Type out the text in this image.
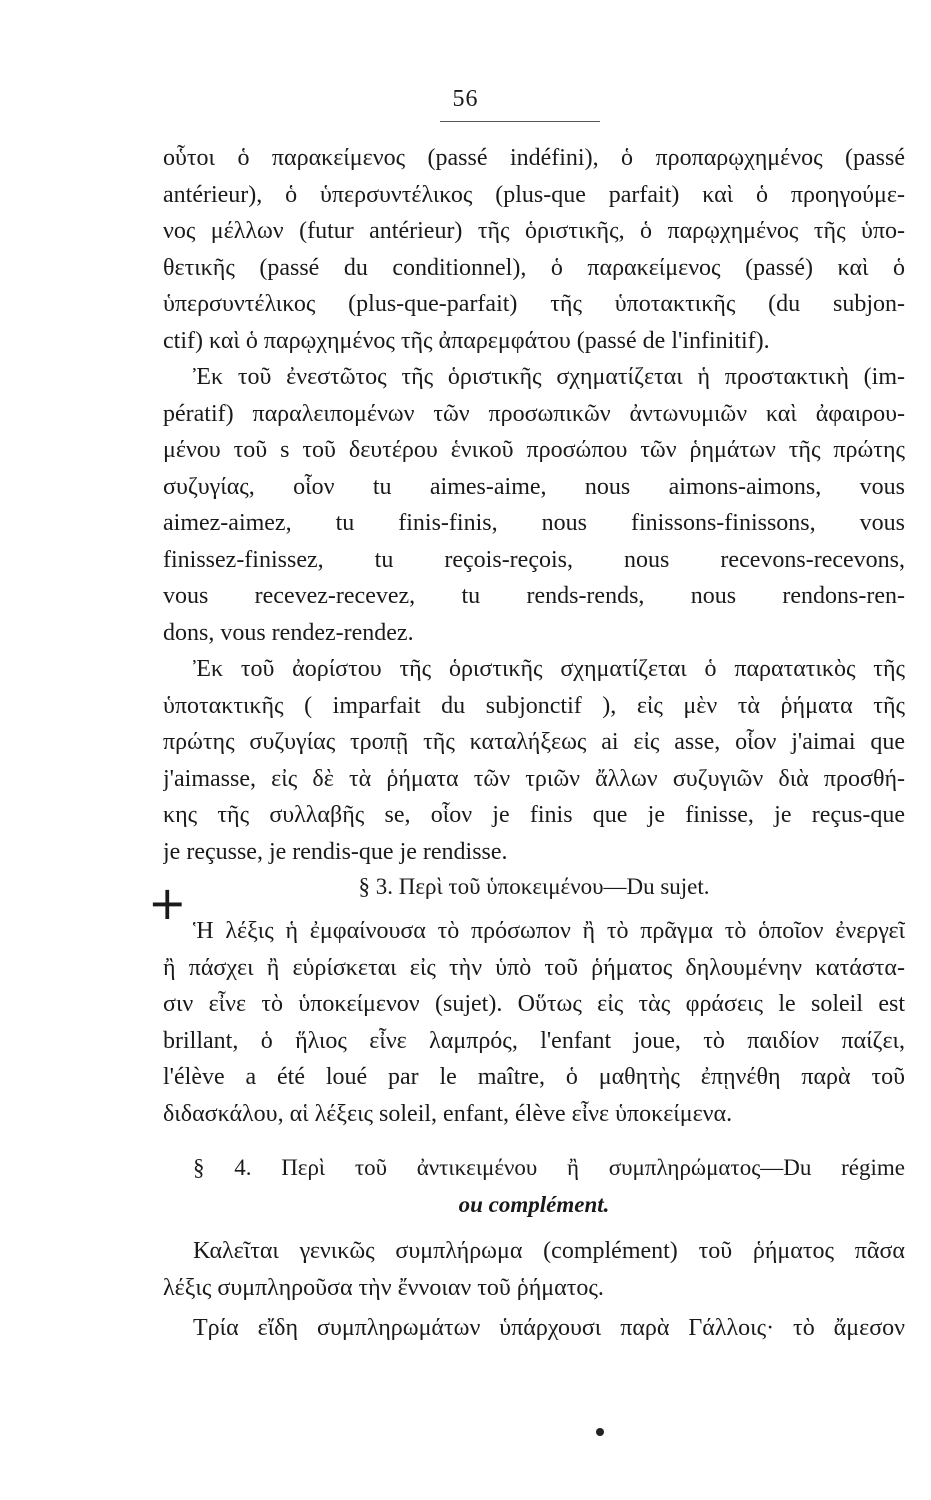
56
οὗτοι ὁ παρακείμενος (passé indéfini), ὁ προπαρῳχημένος (passé
antérieur), ὁ ὑπερσυντέλικος (plus-que parfait) καὶ ὁ προηγούμε-
νος μέλλων (futur antérieur) τῆς ὁριστικῆς, ὁ παρῳχημένος τῆς ὑπο-
θετικῆς (passé du conditionnel), ὁ παρακείμενος (passé) καὶ ὁ
ὑπερσυντέλικος (plus-que-parfait) τῆς ὑποτακτικῆς (du subjon-
ctif) καὶ ὁ παρῳχημένος τῆς ἀπαρεμφάτου (passé de l'infinitif).
Ἐκ τοῦ ἐνεστῶτος τῆς ὁριστικῆς σχηματίζεται ἡ προστακτικὴ (im-
pératif) παραλειπομένων τῶν προσωπικῶν ἀντωνυμιῶν καὶ ἀφαιρου-
μένου τοῦ s τοῦ δευτέρου ἑνικοῦ προσώπου τῶν ῥημάτων τῆς πρώτης
συζυγίας, οἷον tu aimes-aime, nous aimons-aimons, vous
aimez-aimez, tu finis-finis, nous finissons-finissons, vous
finissez-finissez, tu reçois-reçois, nous recevons-recevons,
vous recevez-recevez, tu rends-rends, nous rendons-ren-
dons, vous rendez-rendez.
Ἐκ τοῦ ἀορίστου τῆς ὁριστικῆς σχηματίζεται ὁ παρατατικὸς τῆς
ὑποτακτικῆς ( imparfait du subjonctif ), εἰς μὲν τὰ ῥήματα τῆς
πρώτης συζυγίας τροπῇ τῆς καταλήξεως ai εἰς asse, οἷον j'aimai que
j'aimasse, εἰς δὲ τὰ ῥήματα τῶν τριῶν ἄλλων συζυγιῶν διὰ προσθή-
κης τῆς συλλαβῆς se, οἷον je finis que je finisse, je reçus-que
je reçusse, je rendis-que je rendisse.
§ 3. Περὶ τοῦ ὑποκειμένου—Du sujet.
+
Ἡ λέξις ἡ ἐμφαίνουσα τὸ πρόσωπον ἢ τὸ πρᾶγμα τὸ ὁποῖον ἐνεργεῖ
ἢ πάσχει ἢ εὑρίσκεται εἰς τὴν ὑπὸ τοῦ ῥήματος δηλουμένην κατάστα-
σιν εἶνε τὸ ὑποκείμενον (sujet). Οὕτως εἰς τὰς φράσεις le soleil est
brillant, ὁ ἥλιος εἶνε λαμπρός, l'enfant joue, τὸ παιδίον παίζει,
l'élève a été loué par le maître, ὁ μαθητὴς ἐπῃνέθη παρὰ τοῦ
διδασκάλου, αἱ λέξεις soleil, enfant, élève εἶνε ὑποκείμενα.
§ 4. Περὶ τοῦ ἀντικειμένου ἢ συμπληρώματος—Du régime
ou complément.
Καλεῖται γενικῶς συμπλήρωμα (complément) τοῦ ῥήματος πᾶσα
λέξις συμπληροῦσα τὴν ἔννοιαν τοῦ ῥήματος.
Τρία εἴδη συμπληρωμάτων ὑπάρχουσι παρὰ Γάλλοις· τὸ ἄμεσον
